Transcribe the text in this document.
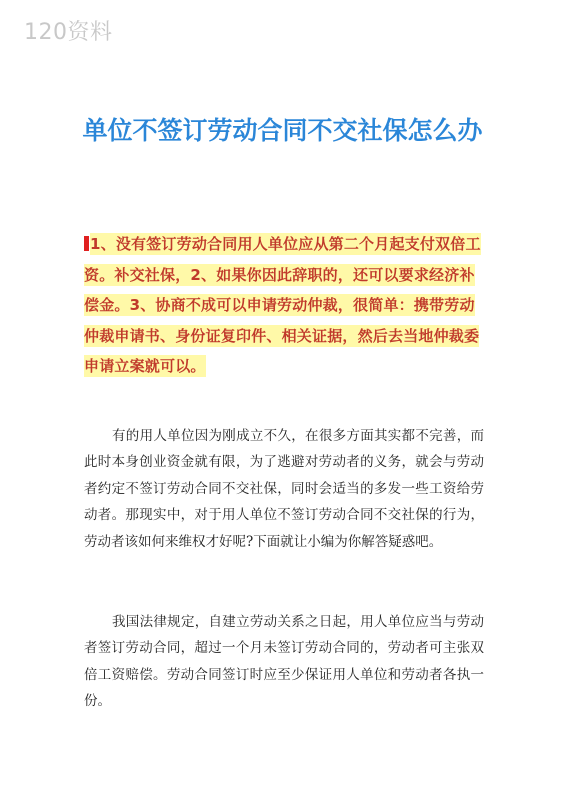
120资料
单位不签订劳动合同不交社保怎么办
1、没有签订劳动合同用人单位应从第二个月起支付双倍工资。补交社保，2、如果你因此辞职的，还可以要求经济补偿金。3、协商不成可以申请劳动仲裁，很简单：携带劳动仲裁申请书、身份证复印件、相关证据，然后去当地仲裁委申请立案就可以。

有的用人单位因为刚成立不久，在很多方面其实都不完善，而此时本身创业资金就有限，为了逃避对劳动者的义务，就会与劳动者约定不签订劳动合同不交社保，同时会适当的多发一些工资给劳动者。那现实中，对于用人单位不签订劳动合同不交社保的行为，劳动者该如何来维权才好呢?下面就让小编为你解答疑惑吧。

我国法律规定，自建立劳动关系之日起，用人单位应当与劳动者签订劳动合同，超过一个月未签订劳动合同的，劳动者可主张双倍工资赔偿。劳动合同签订时应至少保证用人单位和劳动者各执一份。
